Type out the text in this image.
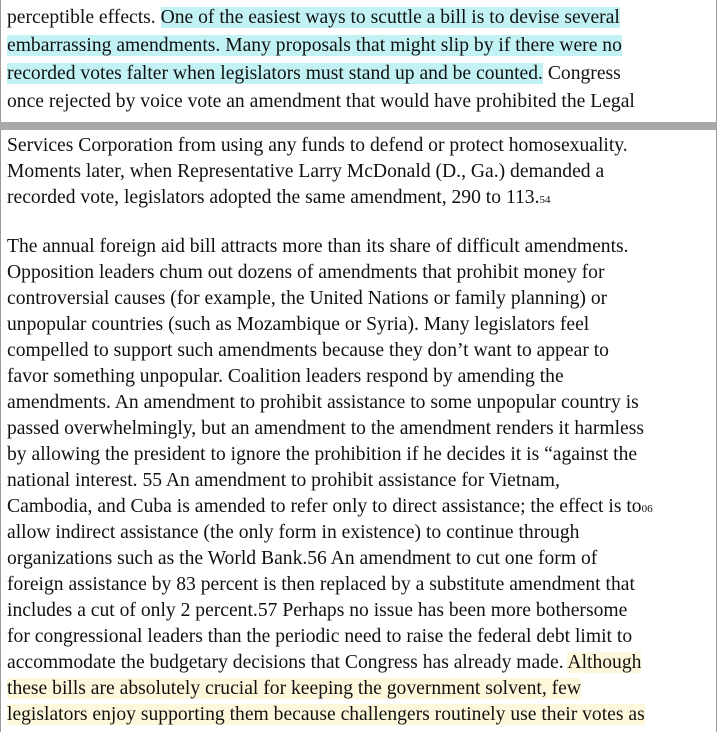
perceptible effects. One of the easiest ways to scuttle a bill is to devise several
embarrassing amendments. Many proposals that might slip by if there were no
recorded votes falter when legislators must stand up and be counted. Congress
once rejected by voice vote an amendment that would have prohibited the Legal
Services Corporation from using any funds to defend or protect homosexuality.
Moments later, when Representative Larry McDonald (D., Ga.) demanded a
recorded vote, legislators adopted the same amendment, 290 to 113.54
The annual foreign aid bill attracts more than its share of difficult amendments.
Opposition leaders chum out dozens of amendments that prohibit money for
controversial causes (for example, the United Nations or family planning) or
unpopular countries (such as Mozambique or Syria). Many legislators feel
compelled to support such amendments because they don’t want to appear to
favor something unpopular. Coalition leaders respond by amending the
amendments. An amendment to prohibit assistance to some unpopular country is
passed overwhelmingly, but an amendment to the amendment renders it harmless
by allowing the president to ignore the prohibition if he decides it is “against the
national interest. 55 An amendment to prohibit assistance for Vietnam,
Cambodia, and Cuba is amended to refer only to direct assistance; the effect is to06
allow indirect assistance (the only form in existence) to continue through
organizations such as the World Bank.56 An amendment to cut one form of
foreign assistance by 83 percent is then replaced by a substitute amendment that
includes a cut of only 2 percent.57 Perhaps no issue has been more bothersome
for congressional leaders than the periodic need to raise the federal debt limit to
accommodate the budgetary decisions that Congress has already made. Although
these bills are absolutely crucial for keeping the government solvent, few
legislators enjoy supporting them because challengers routinely use their votes as
